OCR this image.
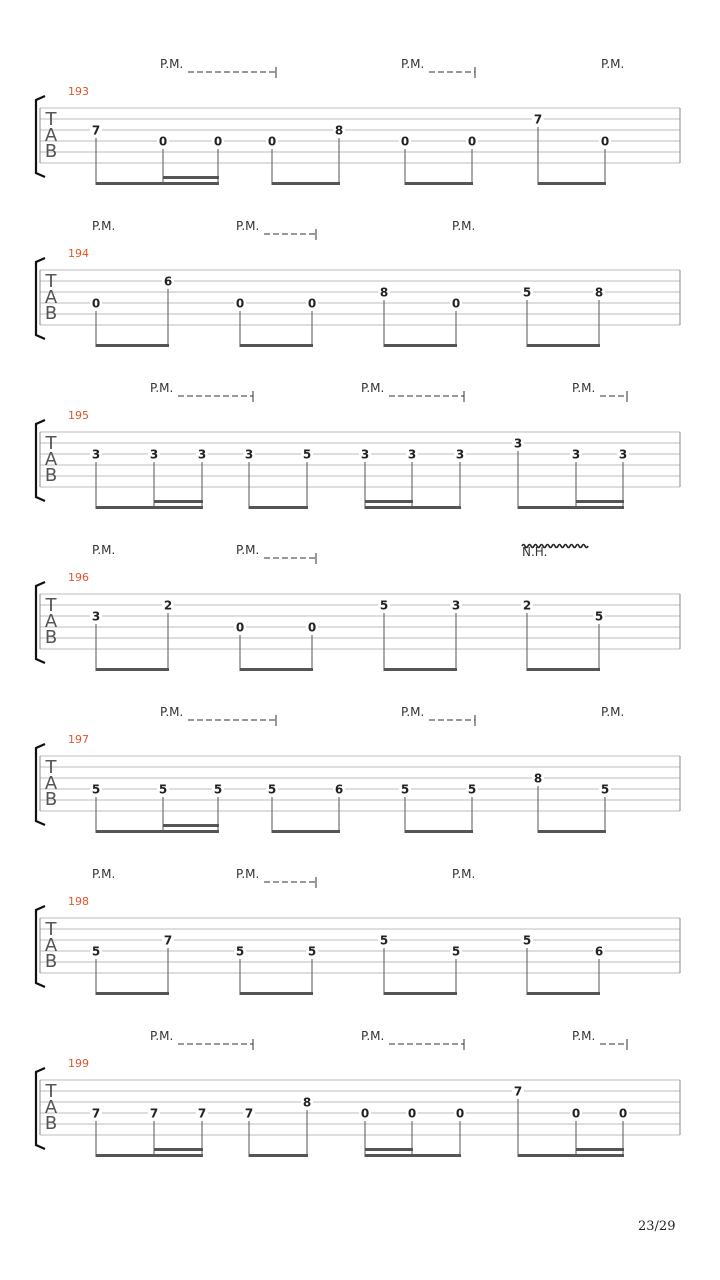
P.M.	P.M.	P.M.
193
T
A
B
7
0	0	0
8
0	0
7
0
P.M.	P.M.	P.M.
194
T
A
B	0
6
0	0
8
0
5	8
P.M.	P.M.	P.M.
195
T
A
B
3	3	3	3	5	3	3	3
3
3	3
P.M.	P.M.	N.H.
196
T
A
B
3
2
0	0
5	3	2
5
P.M.	P.M.	P.M.
197
T
A
B	5	5	5	5	6	5	5
8
5
P.M.	P.M.	P.M.
198
T
A
B	5
7
5	5
5
5
5
6
P.M.	P.M.	P.M.
199
T
A
B	7	7	7	7
8
0	0	0
7
0	0
23/29
